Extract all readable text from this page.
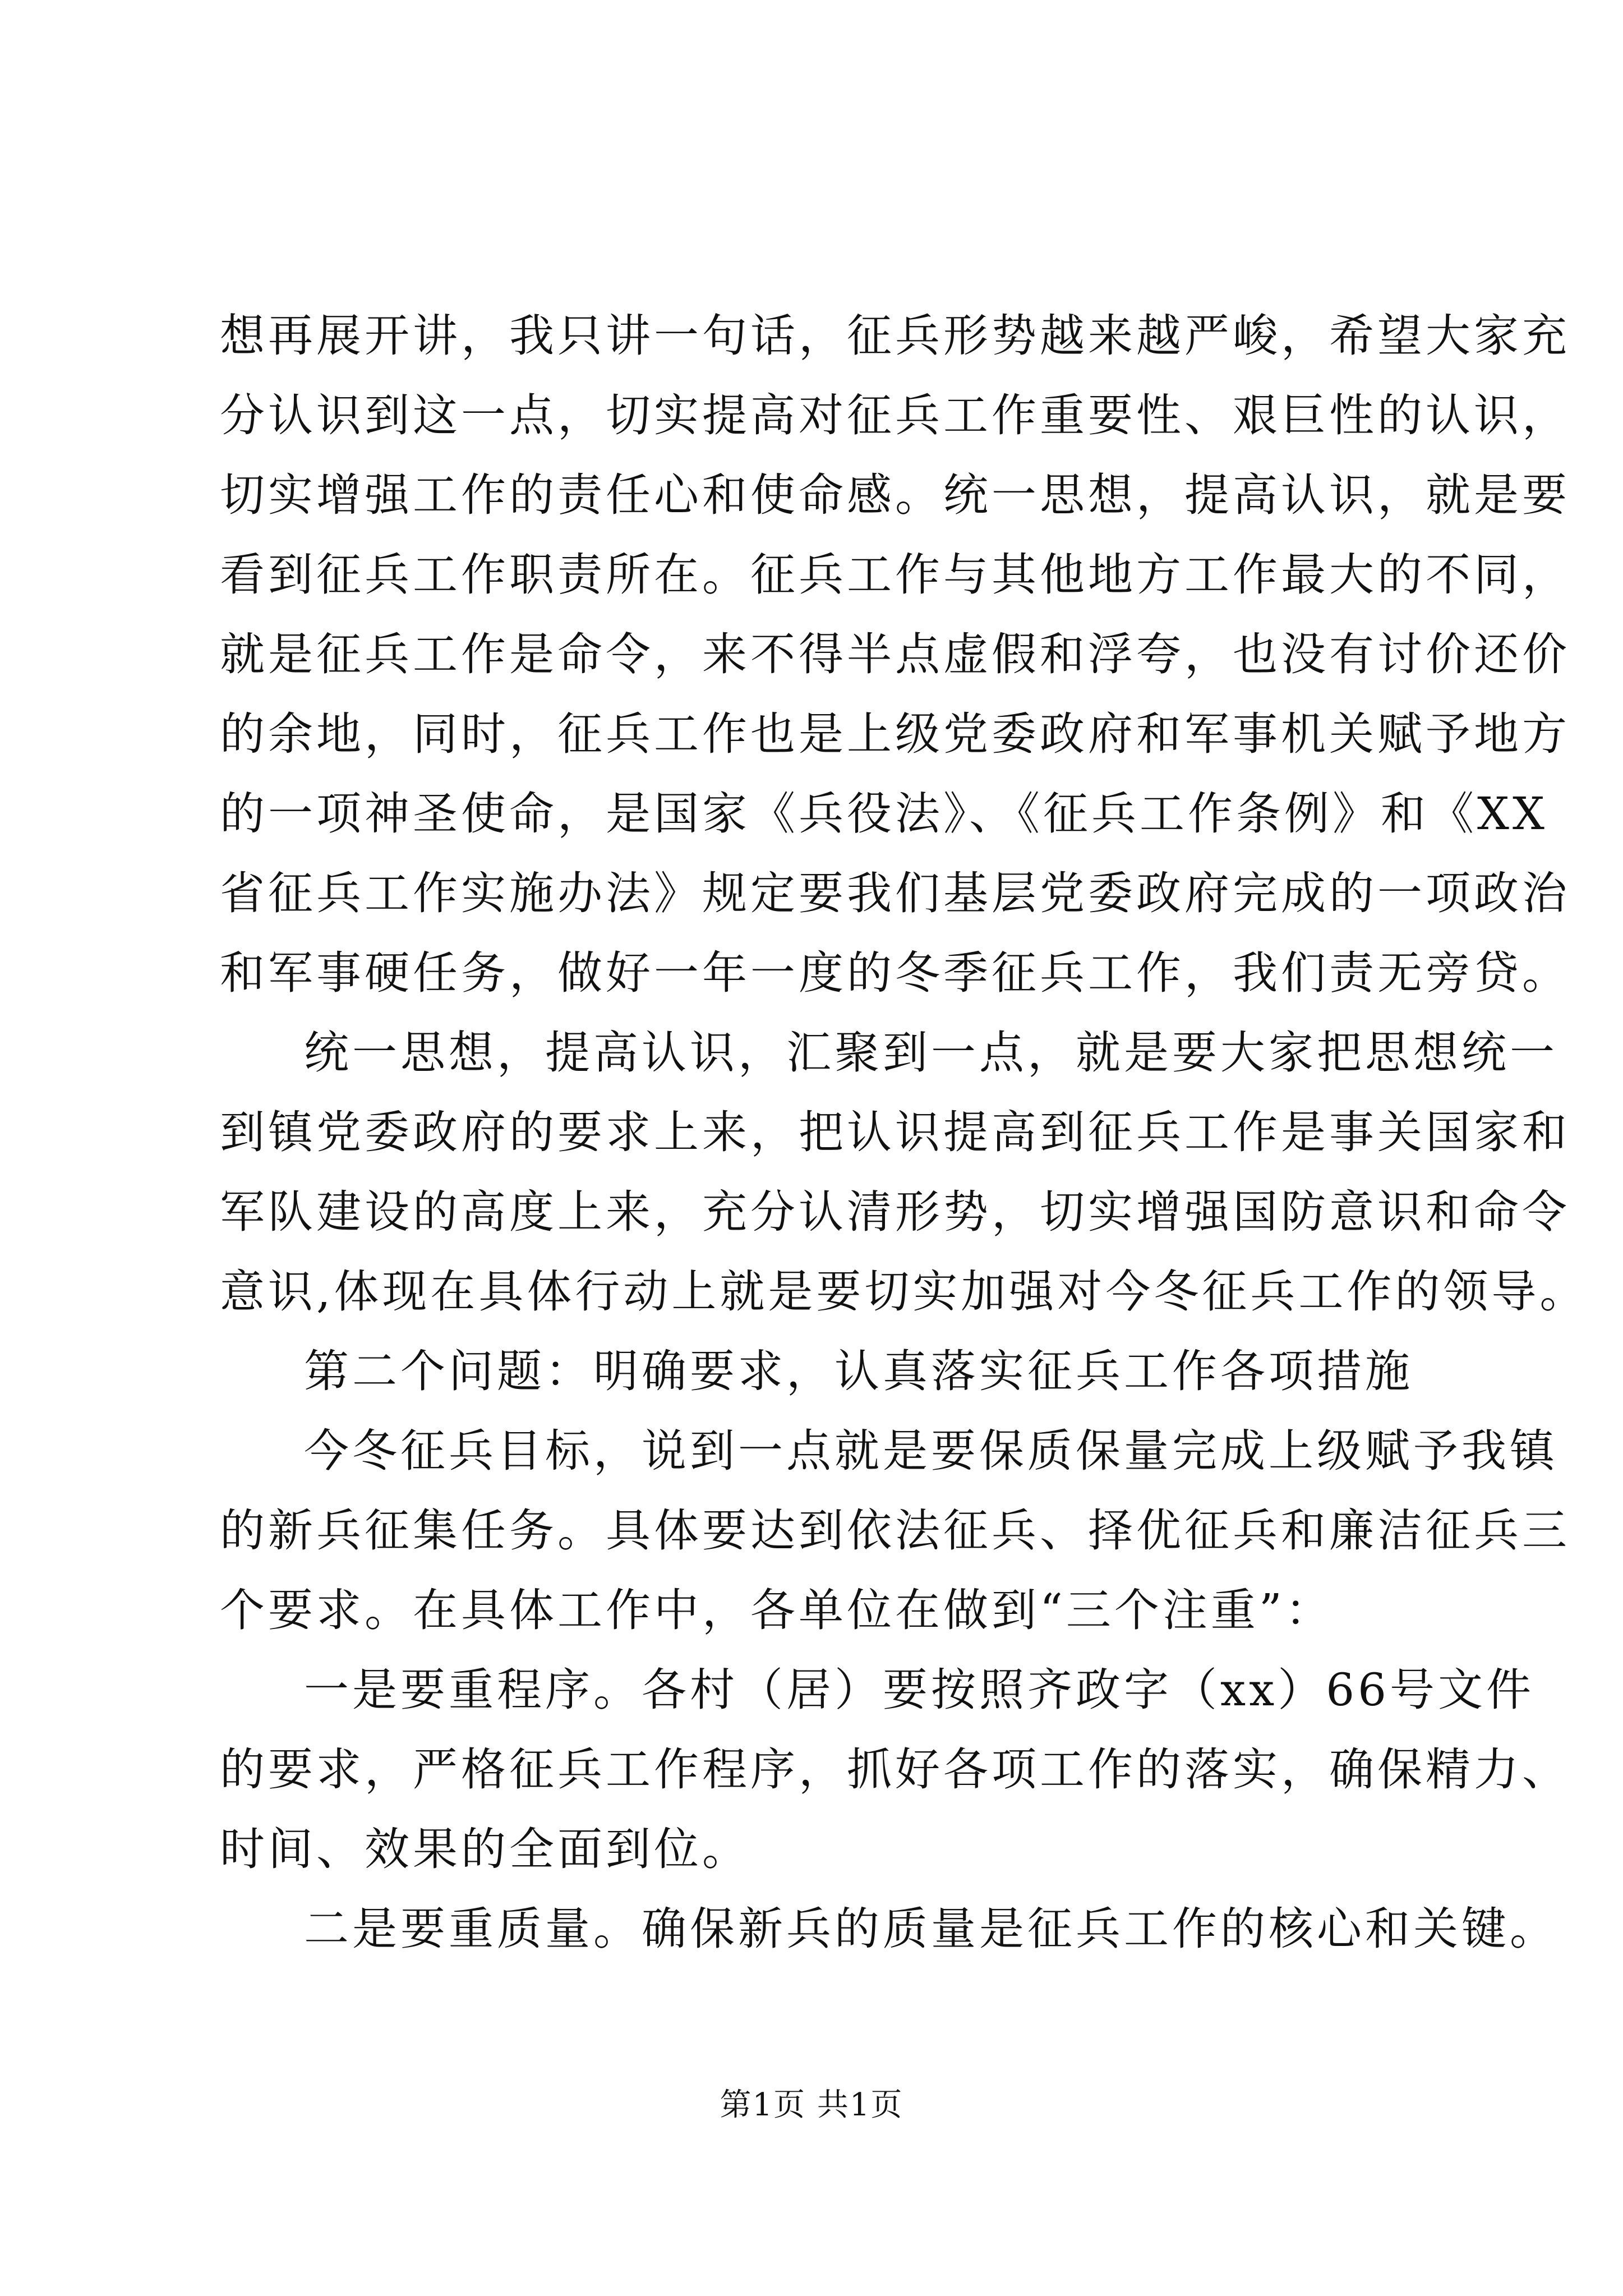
想再展开讲，我只讲一句话，征兵形势越来越严峻，希望大家充
分认识到这一点，切实提高对征兵工作重要性、艰巨性的认识，
切实增强工作的责任心和使命感。统一思想，提高认识，就是要
看到征兵工作职责所在。征兵工作与其他地方工作最大的不同，
就是征兵工作是命令，来不得半点虚假和浮夸，也没有讨价还价
的余地，同时，征兵工作也是上级党委政府和军事机关赋予地方
的一项神圣使命，是国家《兵役法》、《征兵工作条例》和《XX
省征兵工作实施办法》规定要我们基层党委政府完成的一项政治
和军事硬任务，做好一年一度的冬季征兵工作，我们责无旁贷。
统一思想，提高认识，汇聚到一点，就是要大家把思想统一
到镇党委政府的要求上来，把认识提高到征兵工作是事关国家和
军队建设的高度上来，充分认清形势，切实增强国防意识和命令
意识,体现在具体行动上就是要切实加强对今冬征兵工作的领导。
第二个问题：明确要求，认真落实征兵工作各项措施
今冬征兵目标，说到一点就是要保质保量完成上级赋予我镇
的新兵征集任务。具体要达到依法征兵、择优征兵和廉洁征兵三
个要求。在具体工作中，各单位在做到“三个注重”：
一是要重程序。各村（居）要按照齐政字（xx）66号文件
的要求，严格征兵工作程序，抓好各项工作的落实，确保精力、
时间、效果的全面到位。
二是要重质量。确保新兵的质量是征兵工作的核心和关键。
第1页 共1页
